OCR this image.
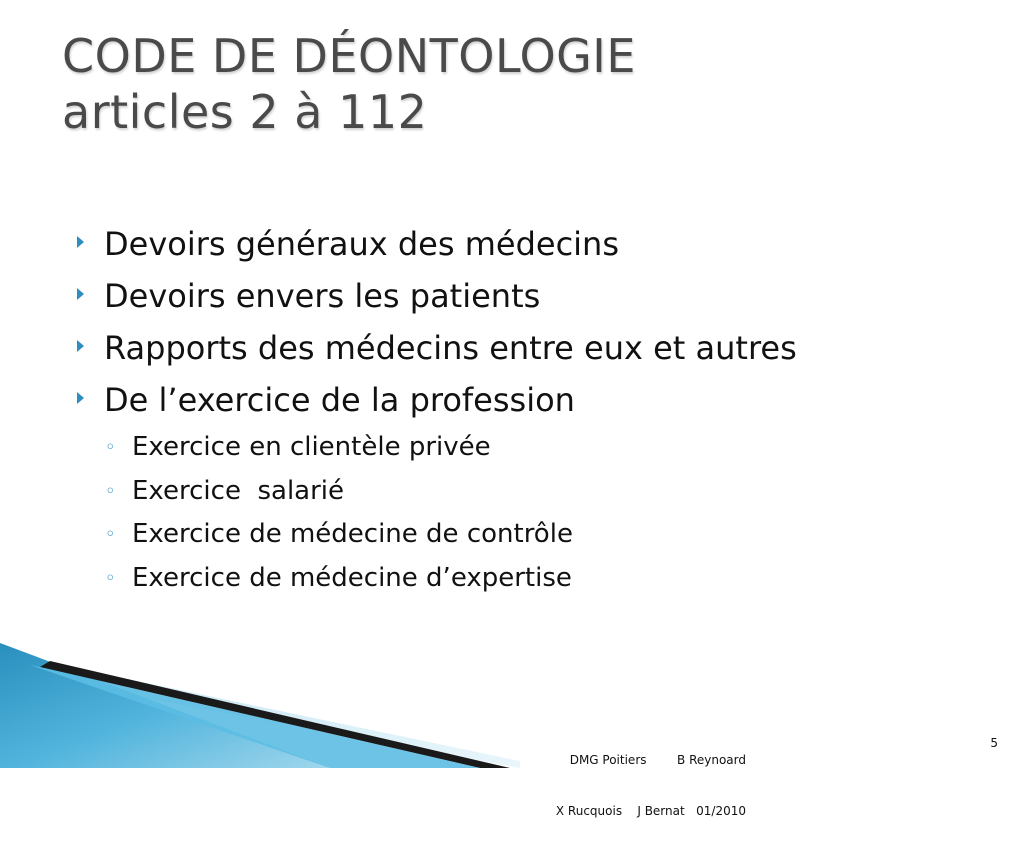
CODE DE DÉONTOLOGIE
articles 2 à 112
Devoirs généraux des médecins
Devoirs envers les patients
Rapports des médecins entre eux et autres
De l’exercice de la profession
◦ Exercice en clientèle privée
◦ Exercice  salarié
◦ Exercice de médecine de contrôle
◦ Exercice de médecine d’expertise

DMG Poitiers        B Reynoard

X Rucquois    J Bernat   01/2010

5
